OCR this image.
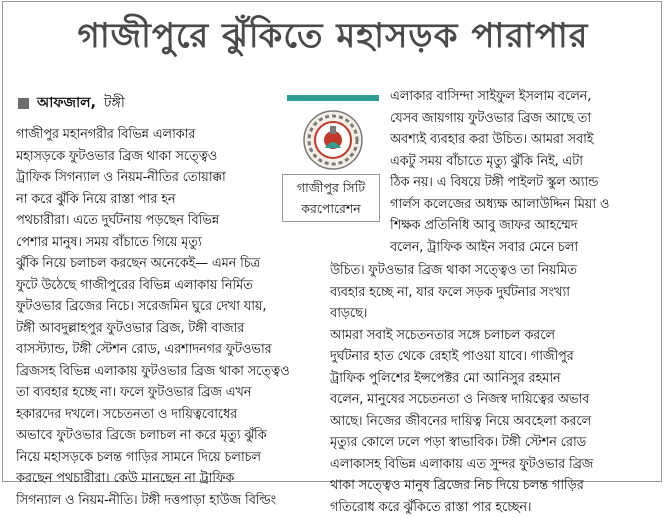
গাজীপুরে ঝুঁকিতে মহাসড়ক পারাপার
আফজাল, টঙ্গী
গাজীপুর সিটি
করপোরেশন

গাজীপুর মহানগরীর বিভিন্ন এলাকার

মহাসড়কে ফুটওভার ব্রিজ থাকা সত্ত্বেও

ট্রাফিক সিগন্যাল ও নিয়ম-নীতির তোয়াক্কা

না করে ঝুঁকি নিয়ে রাস্তা পার হন

পথচারীরা। এতে দুর্ঘটনায় পড়ছেন বিভিন্ন

পেশার মানুষ। সময় বাঁচাতে গিয়ে মৃত্যু

ঝুঁকি নিয়ে চলাচল করছেন অনেকেই— এমন চিত্র

ফুটে উঠেছে গাজীপুরের বিভিন্ন এলাকায় নির্মিত

ফুটওভার ব্রিজের নিচে। সরেজমিন ঘুরে দেখা যায়,

টঙ্গী আবদুল্লাহপুর ফুটওভার ব্রিজ, টঙ্গী বাজার

বাসস্ট্যান্ড, টঙ্গী স্টেশন রোড, এরশাদনগর ফুটওভার

ব্রিজসহ বিভিন্ন এলাকায় ফুটওভার ব্রিজ থাকা সত্ত্বেও

তা ব্যবহার হচ্ছে না। ফলে ফুটওভার ব্রিজ এখন

হকারদের দখলে। সচেতনতা ও দায়িত্ববোধের

অভাবে ফুটওভার ব্রিজে চলাচল না করে মৃত্যু ঝুঁকি

নিয়ে মহাসড়কে চলন্ত গাড়ির সামনে দিয়ে চলাচল

করছেন পথচারীরা। কেউ মানছেন না ট্রাফিক

সিগন্যাল ও নিয়ম-নীতি। টঙ্গী দত্তপাড়া হাউজ বিল্ডিং

এলাকার বাসিন্দা সাইফুল ইসলাম বলেন,

যেসব জায়গায় ফুটওভার ব্রিজ আছে তা

অবশ্যই ব্যবহার করা উচিত। আমরা সবাই

একটু সময় বাঁচাতে মৃত্যু ঝুঁকি নিই, এটা

ঠিক নয়। এ বিষয়ে টঙ্গী পাইলট স্কুল অ্যান্ড

গার্লস কলেজের অধ্যক্ষ আলাউদ্দিন মিয়া ও

শিক্ষক প্রতিনিধি আবু জাফর আহম্মেদ

বলেন, ট্রাফিক আইন সবার মেনে চলা

উচিত। ফুটওভার ব্রিজ থাকা সত্ত্বেও তা নিয়মিত

ব্যবহার হচ্ছে না, যার ফলে সড়ক দুর্ঘটনার সংখ্যা

বাড়ছে।

আমরা সবাই সচেতনতার সঙ্গে চলাচল করলে

দুর্ঘটনার হাত থেকে রেহাই পাওয়া যাবে। গাজীপুর

ট্রাফিক পুলিশের ইন্সপেক্টর মো আনিসুর রহমান

বলেন, মানুষের সচেতনতা ও নিজস্ব দায়িত্বের অভাব

আছে। নিজের জীবনের দায়িত্ব নিয়ে অবহেলা করলে

মৃত্যুর কোলে ঢলে পড়া স্বাভাবিক। টঙ্গী স্টেশন রোড

এলাকাসহ বিভিন্ন এলাকায় এত সুন্দর ফুটওভার ব্রিজ

থাকা সত্ত্বেও মানুষ ব্রিজের নিচ দিয়ে চলন্ত গাড়ির

গতিরোধ করে ঝুঁকিতে রাস্তা পার হচ্ছেন।
